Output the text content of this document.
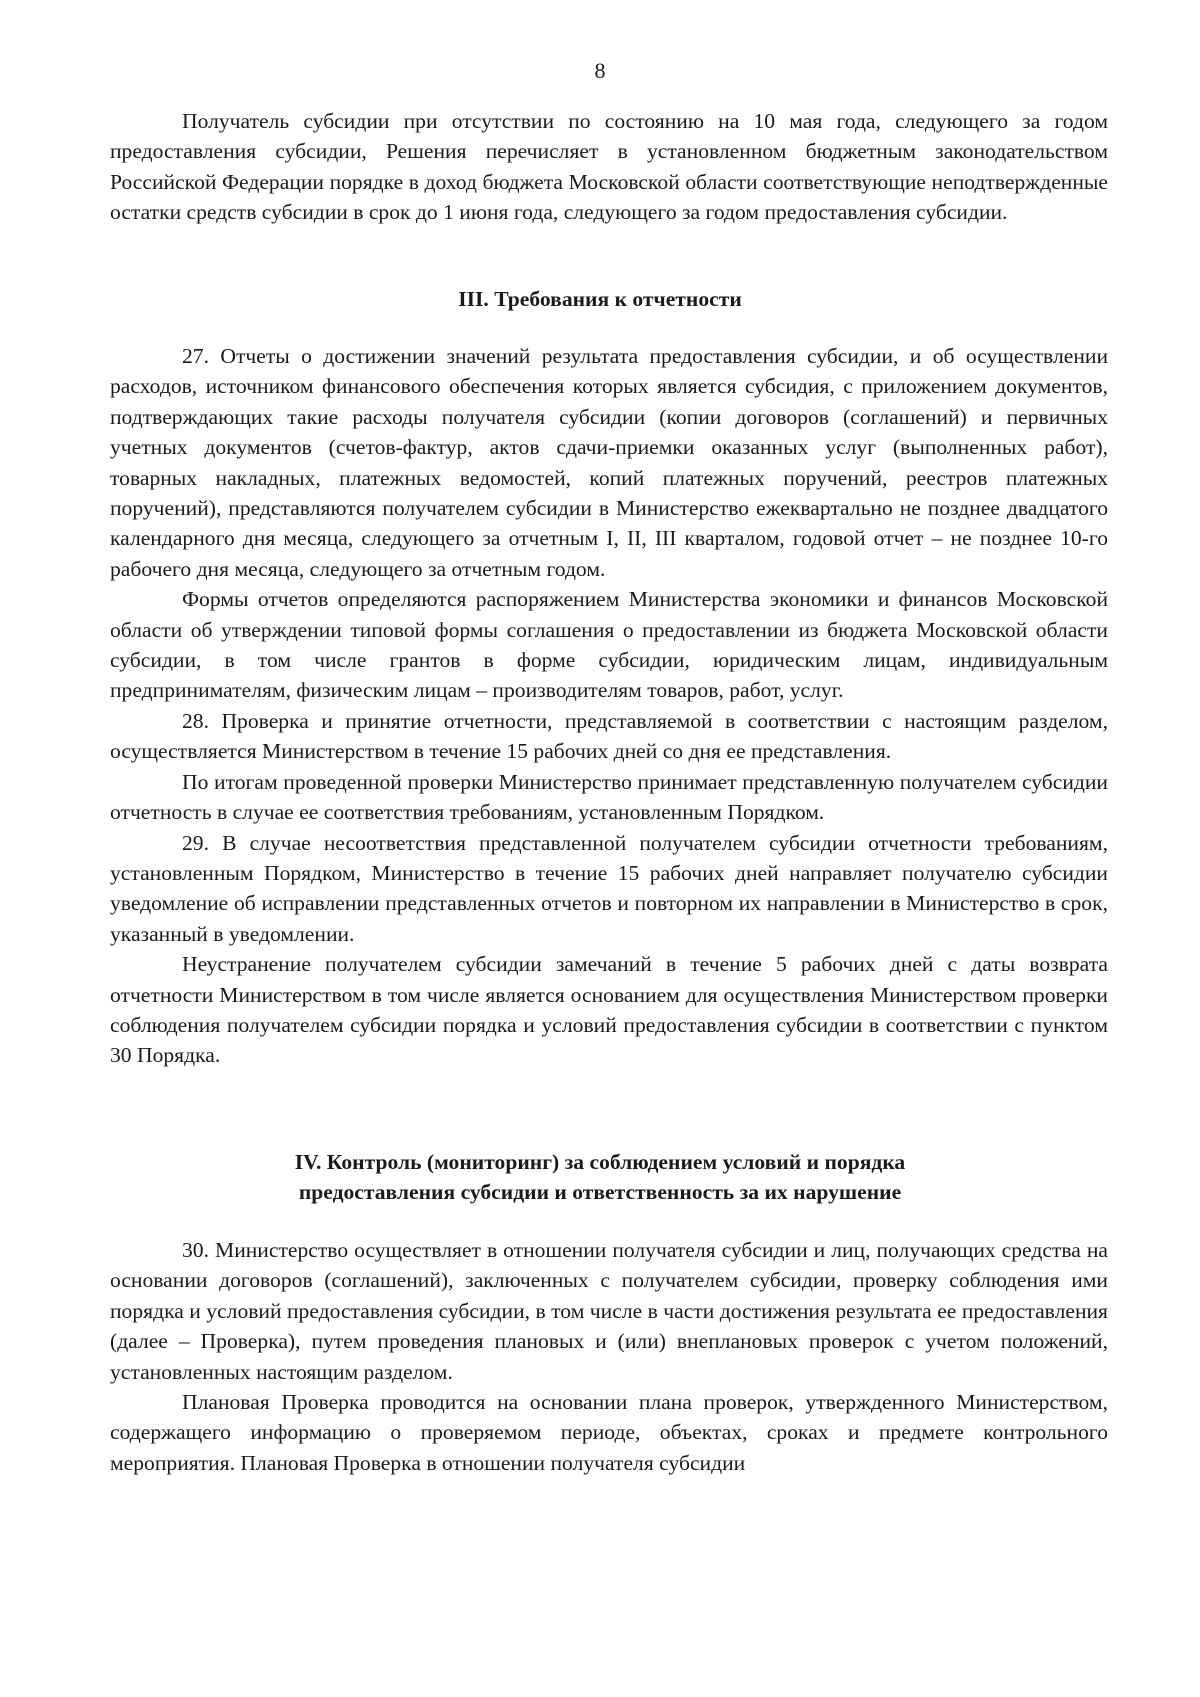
8

Получатель субсидии при отсутствии по состоянию на 10 мая года, следующего за годом предоставления субсидии, Решения перечисляет в установленном бюджетным законодательством Российской Федерации порядке в доход бюджета Московской области соответствующие неподтвержденные остатки средств субсидии в срок до 1 июня года, следующего за годом предоставления субсидии.

III. Требования к отчетности

27. Отчеты о достижении значений результата предоставления субсидии, и об осуществлении расходов, источником финансового обеспечения которых является субсидия, с приложением документов, подтверждающих такие расходы получателя субсидии (копии договоров (соглашений) и первичных учетных документов (счетов-фактур, актов сдачи-приемки оказанных услуг (выполненных работ), товарных накладных, платежных ведомостей, копий платежных поручений, реестров платежных поручений), представляются получателем субсидии в Министерство ежеквартально не позднее двадцатого календарного дня месяца, следующего за отчетным I, II, III кварталом, годовой отчет – не позднее 10-го рабочего дня месяца, следующего за отчетным годом.

Формы отчетов определяются распоряжением Министерства экономики и финансов Московской области об утверждении типовой формы соглашения о предоставлении из бюджета Московской области субсидии, в том числе грантов в форме субсидии, юридическим лицам, индивидуальным предпринимателям, физическим лицам – производителям товаров, работ, услуг.

28. Проверка и принятие отчетности, представляемой в соответствии с настоящим разделом, осуществляется Министерством в течение 15 рабочих дней со дня ее представления.

По итогам проведенной проверки Министерство принимает представленную получателем субсидии отчетность в случае ее соответствия требованиям, установленным Порядком.

29. В случае несоответствия представленной получателем субсидии отчетности требованиям, установленным Порядком, Министерство в течение 15 рабочих дней направляет получателю субсидии уведомление об исправлении представленных отчетов и повторном их направлении в Министерство в срок, указанный в уведомлении.

Неустранение получателем субсидии замечаний в течение 5 рабочих дней с даты возврата отчетности Министерством в том числе является основанием для осуществления Министерством проверки соблюдения получателем субсидии порядка и условий предоставления субсидии в соответствии с пунктом 30 Порядка.

IV. Контроль (мониторинг) за соблюдением условий и порядка
предоставления субсидии и ответственность за их нарушение

30. Министерство осуществляет в отношении получателя субсидии и лиц, получающих средства на основании договоров (соглашений), заключенных с получателем субсидии, проверку соблюдения ими порядка и условий предоставления субсидии, в том числе в части достижения результата ее предоставления (далее – Проверка), путем проведения плановых и (или) внеплановых проверок с учетом положений, установленных настоящим разделом.

Плановая Проверка проводится на основании плана проверок, утвержденного Министерством, содержащего информацию о проверяемом периоде, объектах, сроках и предмете контрольного мероприятия. Плановая Проверка в отношении получателя субсидии
